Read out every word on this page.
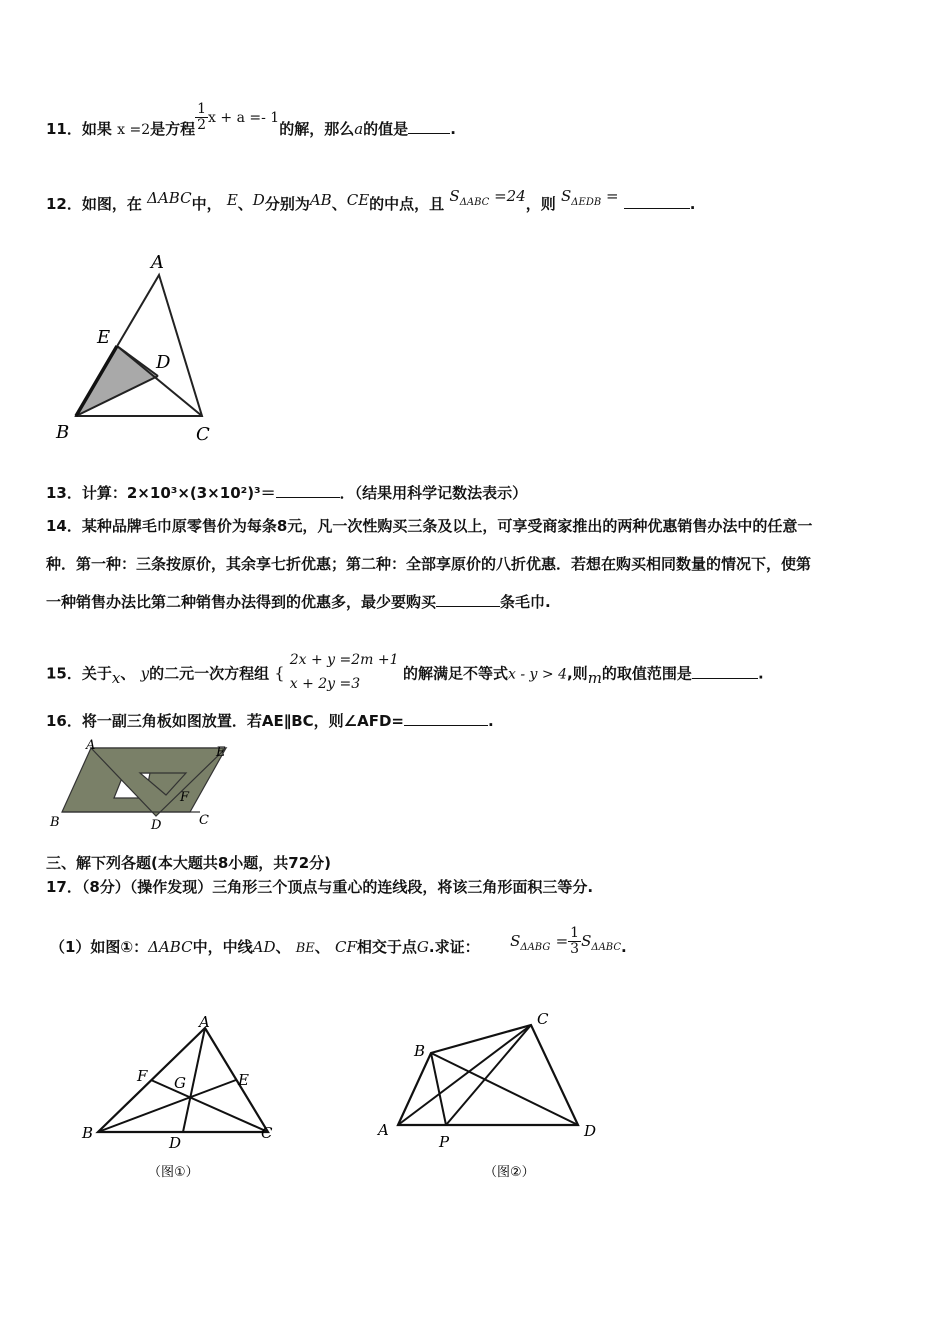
11．如果 x =2是方程 $\frac{1}{2}$ x + a =- 1的解，那么a的值是	.
12．如图，在 ΔABC中， E、D分别为AB、CE的中点，且 $S_{\Delta ABC} =24$，则 $S_{\Delta EDB}$ =	.
A
E
D
B	C
13．计算：2×10³×(3×10²)³＝	．（结果用科学记数法表示）
14．某种品牌毛巾原零售价为每条8元，凡一次性购买三条及以上，可享受商家推出的两种优惠销售办法中的任意一
种．第一种：三条按原价，其余享七折优惠；第二种：全部享原价的八折优惠．若想在购买相同数量的情况下，使第
一种销售办法比第二种销售办法得到的优惠多，最少要购买	条毛巾.
15．关于x、 y的二元一次方程组 {
2x + y =2m +1
x + 2y =3
的解满足不等式x - y > 4,则m的取值范围是	.
16．将一副三角板如图放置．若AE∥BC，则∠AFD=	.
A	E
F
B	D	C
三、解下列各题(本大题共8小题，共72分)
17．（8分）（操作发现）三角形三个顶点与重心的连线段，将该三角形面积三等分.
（1）如图①：ΔABC中，中线AD、 BE、 CF相交于点G.求证： $S_{\Delta ABG} = \frac{1}{3} S_{\Delta ABC}$.
A
F G	E
B
D
C
（图①）
B
C
A
P
D
（图②）
